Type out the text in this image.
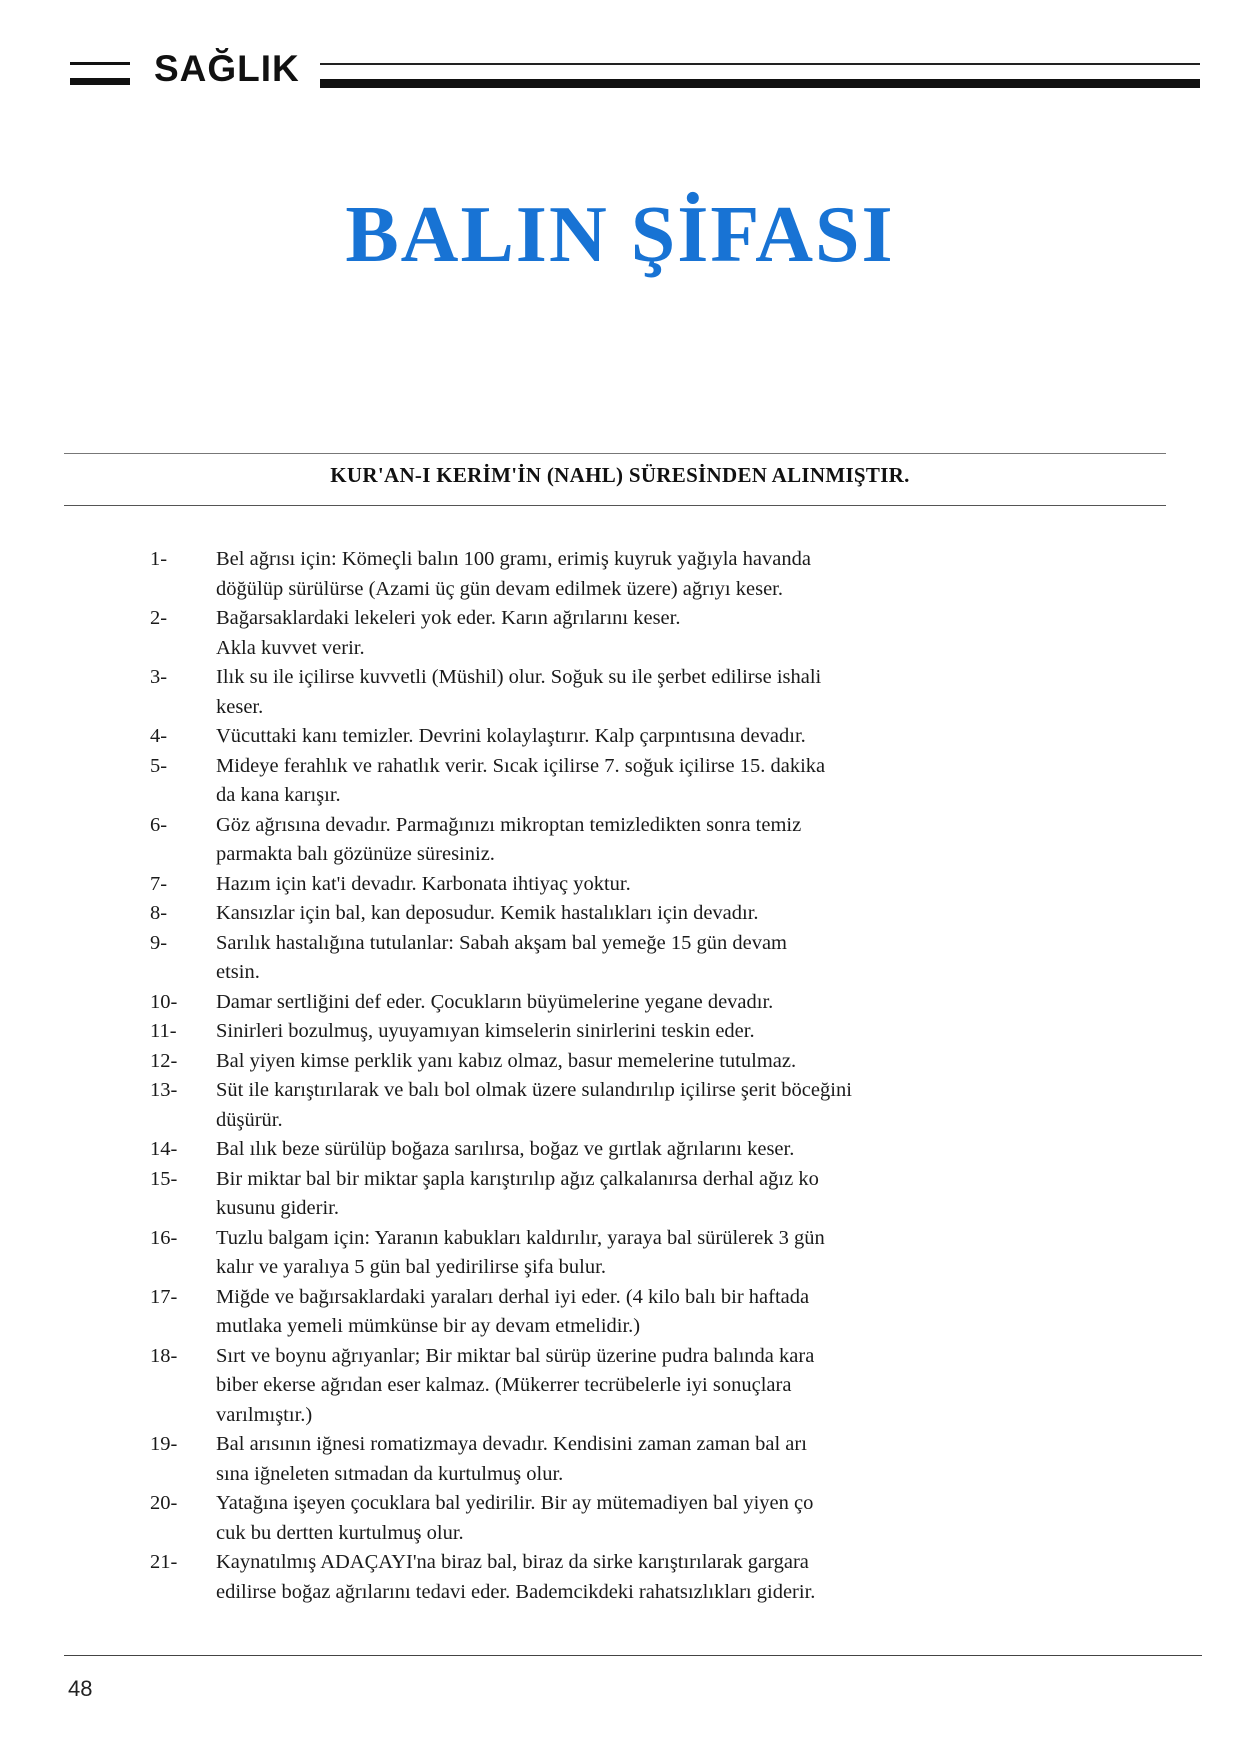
SAĞLIK
BALIN ŞİFASI
KUR'AN-I KERİM'İN (NAHL) SÜRESİNDEN ALINMIŞTIR.
1-	Bel ağrısı için: Kömeçli balın 100 gramı, erimiş kuyruk yağıyla havanda
döğülüp sürülürse (Azami üç gün devam edilmek üzere) ağrıyı keser.
2-	Bağarsaklardaki lekeleri yok eder. Karın ağrılarını keser.
Akla kuvvet verir.
3-	Ilık su ile içilirse kuvvetli (Müshil) olur. Soğuk su ile şerbet edilirse ishali
keser.
4-	Vücuttaki kanı temizler. Devrini kolaylaştırır. Kalp çarpıntısına devadır.
5-	Mideye ferahlık ve rahatlık verir. Sıcak içilirse 7. soğuk içilirse 15. dakika
da kana karışır.
6-	Göz ağrısına devadır. Parmağınızı mikroptan temizledikten sonra temiz
parmakta balı gözünüze süresiniz.
7-	Hazım için kat'i devadır. Karbonata ihtiyaç yoktur.
8-	Kansızlar için bal, kan deposudur. Kemik hastalıkları için devadır.
9-	Sarılık hastalığına tutulanlar: Sabah akşam bal yemeğe 15 gün devam
etsin.
10-	Damar sertliğini def eder. Çocukların büyümelerine yegane devadır.
11-	Sinirleri bozulmuş, uyuyamıyan kimselerin sinirlerini teskin eder.
12-	Bal yiyen kimse perklik yanı kabız olmaz, basur memelerine tutulmaz.
13-	Süt ile karıştırılarak ve balı bol olmak üzere sulandırılıp içilirse şerit böceğini
düşürür.
14-	Bal ılık beze sürülüp boğaza sarılırsa, boğaz ve gırtlak ağrılarını keser.
15-	Bir miktar bal bir miktar şapla karıştırılıp ağız çalkalanırsa derhal ağız ko
kusunu giderir.
16-	Tuzlu balgam için: Yaranın kabukları kaldırılır, yaraya bal sürülerek 3 gün
kalır ve yaralıya 5 gün bal yedirilirse şifa bulur.
17-	Miğde ve bağırsaklardaki yaraları derhal iyi eder. (4 kilo balı bir haftada
mutlaka yemeli mümkünse bir ay devam etmelidir.)
18-	Sırt ve boynu ağrıyanlar; Bir miktar bal sürüp üzerine pudra balında kara
biber ekerse ağrıdan eser kalmaz. (Mükerrer tecrübelerle iyi sonuçlara
varılmıştır.)
19-	Bal arısının iğnesi romatizmaya devadır. Kendisini zaman zaman bal arı
sına iğneleten sıtmadan da kurtulmuş olur.
20-	Yatağına işeyen çocuklara bal yedirilir. Bir ay mütemadiyen bal yiyen ço
cuk bu dertten kurtulmuş olur.
21-	Kaynatılmış ADAÇAYI'na biraz bal, biraz da sirke karıştırılarak gargara
edilirse boğaz ağrılarını tedavi eder. Bademcikdeki rahatsızlıkları giderir.
48
